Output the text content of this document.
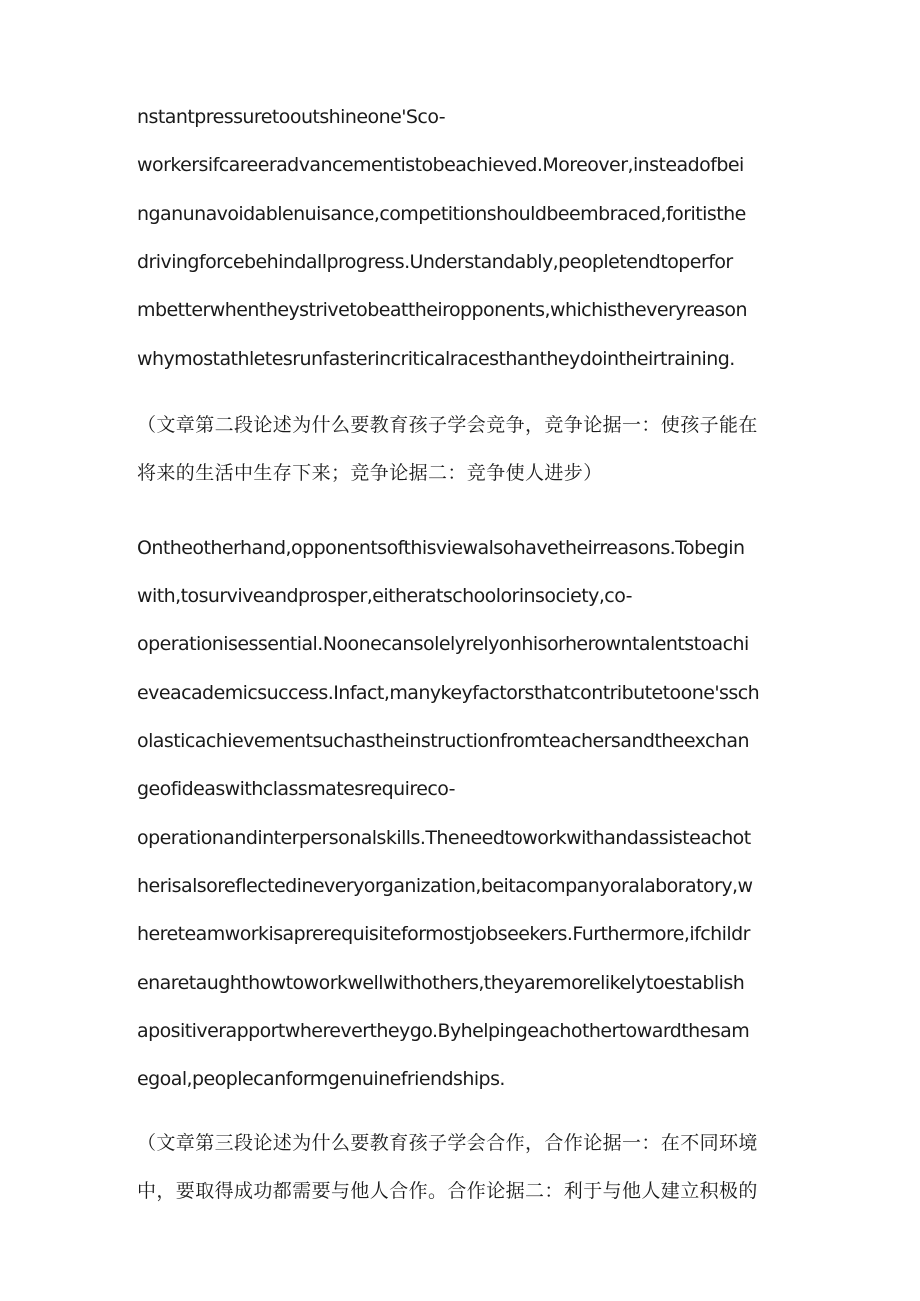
nstantpressuretooutshineone'Sco-
workersifcareeradvancementistobeachieved.Moreover,insteadofbei
nganunavoidablenuisance,competitionshouldbeembraced,foritisthe
drivingforcebehindallprogress.Understandably,peopletendtoperfor
mbetterwhentheystrivetobeattheiropponents,whichistheveryreason
whymostathletesrunfasterincriticalracesthantheydointheirtraining.
（文章第二段论述为什么要教育孩子学会竞争，竞争论据一：使孩子能在
将来的生活中生存下来；竞争论据二：竞争使人进步）
Ontheotherhand,opponentsofthisviewalsohavetheirreasons.Tobegin
with,tosurviveandprosper,eitheratschoolorinsociety,co-
operationisessential.Noonecansolelyrelyonhisorherowntalentstoachi
eveacademicsuccess.Infact,manykeyfactorsthatcontributetoone'ssch
olasticachievementsuchastheinstructionfromteachersandtheexchan
geofideaswithclassmatesrequireco-
operationandinterpersonalskills.Theneedtoworkwithandassisteachot
herisalsoreflectedineveryorganization,beitacompanyoralaboratory,w
hereteamworkisaprerequisiteformostjobseekers.Furthermore,ifchildr
enaretaughthowtoworkwellwithothers,theyaremorelikelytoestablish
apositiverapportwherevertheygo.Byhelpingeachothertowardthesam
egoal,peoplecanformgenuinefriendships.
（文章第三段论述为什么要教育孩子学会合作，合作论据一：在不同环境
中，要取得成功都需要与他人合作。合作论据二：利于与他人建立积极的
